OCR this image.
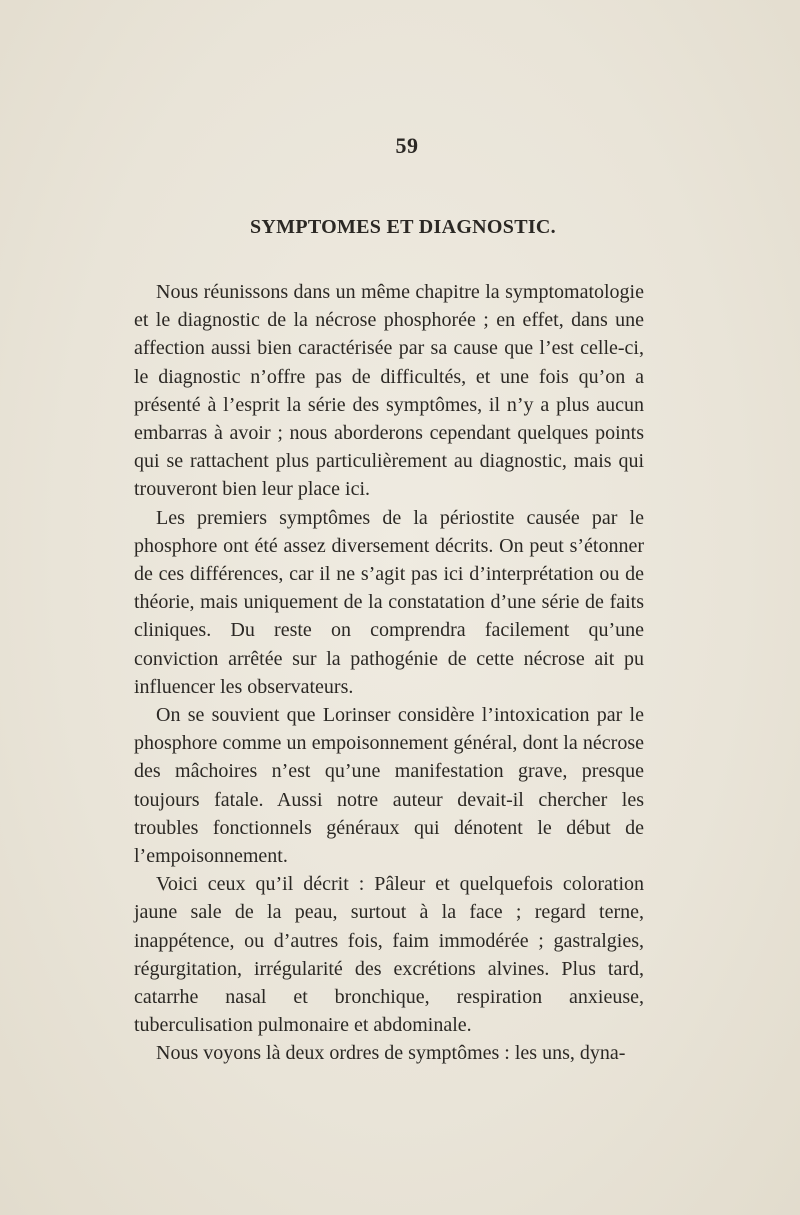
59
SYMPTOMES ET DIAGNOSTIC.

Nous réunissons dans un même chapitre la symptomatologie et le diagnostic de la nécrose phosphorée ; en effet, dans une affection aussi bien caractérisée par sa cause que l’est celle-ci, le diagnostic n’offre pas de difficultés, et une fois qu’on a présenté à l’esprit la série des symptômes, il n’y a plus aucun embarras à avoir ; nous aborderons cependant quelques points qui se rattachent plus particulièrement au diagnostic, mais qui trouveront bien leur place ici.

Les premiers symptômes de la périostite causée par le phosphore ont été assez diversement décrits. On peut s’étonner de ces différences, car il ne s’agit pas ici d’interprétation ou de théorie, mais uniquement de la constatation d’une série de faits cliniques. Du reste on comprendra facilement qu’une conviction arrêtée sur la pathogénie de cette nécrose ait pu influencer les observateurs.

On se souvient que Lorinser considère l’intoxication par le phosphore comme un empoisonnement général, dont la nécrose des mâchoires n’est qu’une manifestation grave, presque toujours fatale. Aussi notre auteur devait-il chercher les troubles fonctionnels généraux qui dénotent le début de l’empoisonnement.

Voici ceux qu’il décrit : Pâleur et quelquefois coloration jaune sale de la peau, surtout à la face ; regard terne, inappétence, ou d’autres fois, faim immodérée ; gastralgies, régurgitation, irrégularité des excrétions alvines. Plus tard, catarrhe nasal et bronchique, respiration anxieuse, tuberculisation pulmonaire et abdominale.

Nous voyons là deux ordres de symptômes : les uns, dyna-
